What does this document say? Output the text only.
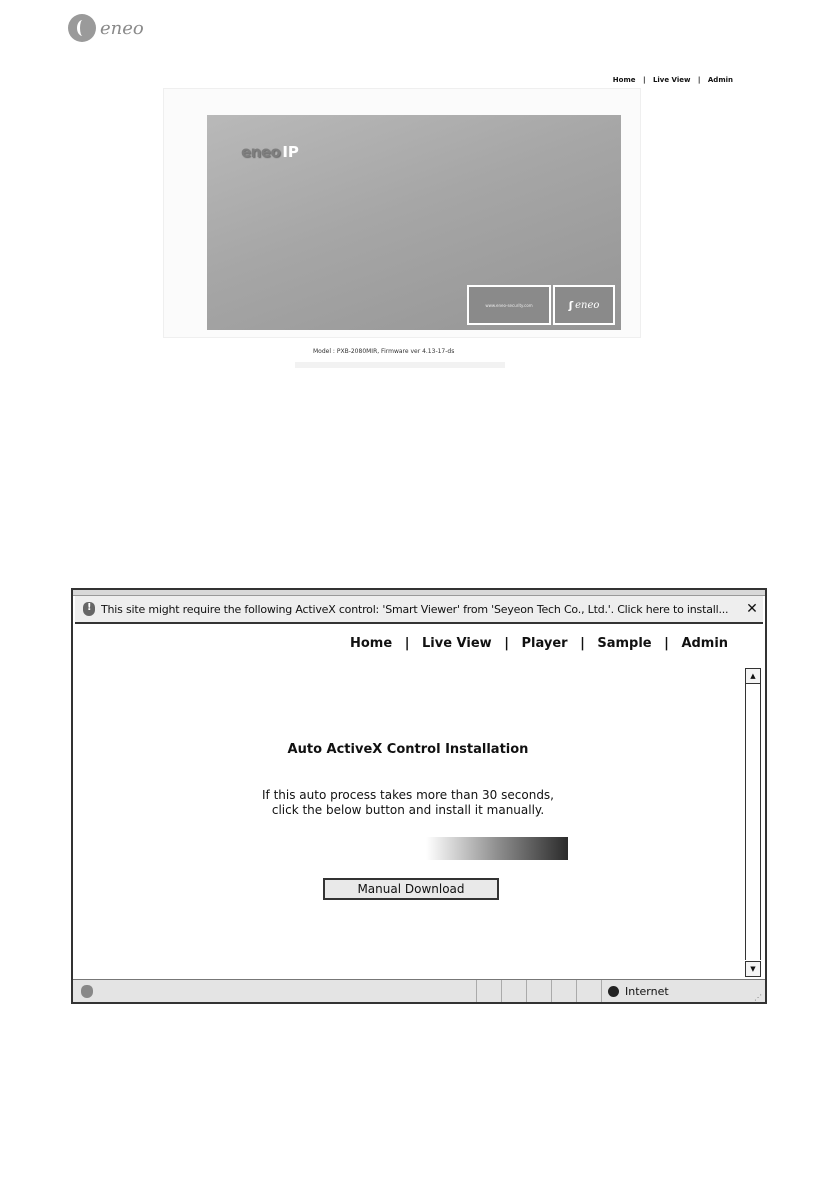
eneo
Home | Live View | Admin
eneo IP
www.eneo-security.com	ʃ eneo
Model : PXB-2080MIR, Firmware ver 4.13-17-ds
!
This site might require the following ActiveX control: 'Smart Viewer' from 'Seyeon Tech Co., Ltd.'. Click here to install...	✕
Home | Live View | Player | Sample | Admin
Auto ActiveX Control Installation
If this auto process takes more than 30 seconds,
click the below button and install it manually.
Manual Download
▲
▼
Internet	⋰
